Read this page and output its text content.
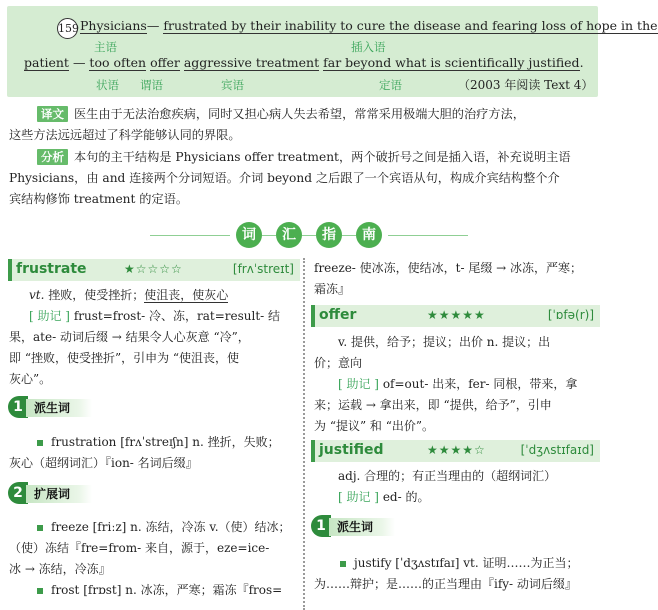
159 Physicians— frustrated by their inability to cure the disease and fearing loss of hope in the
主语	插入语
patient — too often offer aggressive treatment far beyond what is scientifically justified.
状语 谓语	宾语	定语	（2003 年阅读 Text 4）
译文 医生由于无法治愈疾病，同时又担心病人失去希望，常常采用极端大胆的治疗方法，
这些方法远远超过了科学能够认同的界限。
分析 本句的主干结构是 Physicians offer treatment，两个破折号之间是插入语，补充说明主语
Physicians，由 and 连接两个分词短语。介词 beyond 之后跟了一个宾语从句，构成介宾结构整个介
宾结构修饰 treatment 的定语。
词	汇	指	南
frustrate	★☆☆☆☆	[frʌˈstreɪt]
vt. 挫败，使受挫折；使沮丧，使灰心
[ 助记 ] frust=frost- 冷、冻，rat=result- 结
果，ate- 动词后缀 → 结果令人心灰意 “冷”，
即 “挫败，使受挫折”，引申为 “使沮丧，使
灰心”。
1 派生词
frustration [frʌˈstreɪʃn] n. 挫折，失败；
灰心（超纲词汇）『ion- 名词后缀』
2 扩展词
freeze [friːz] n. 冻结，冷冻 v.（使）结冰；
（使）冻结『fre=from- 来自，源于，eze=ice-
冰 → 冻结，冷冻』
frost [frɒst] n. 冰冻，严寒；霜冻『fros=
freeze- 使冰冻，使结冰，t- 尾缀 → 冰冻，严寒；
霜冻』
offer	★★★★★	[ˈɒfə(r)]
v. 提供，给予；提议；出价 n. 提议；出
价；意向
[ 助记 ] of=out- 出来，fer- 同根，带来，拿
来；运载 → 拿出来，即 “提供，给予”，引申
为 “提议” 和 “出价”。
justified	★★★★☆	[ˈdʒʌstɪfaɪd]
adj. 合理的；有正当理由的（超纲词汇）
[ 助记 ] ed- 的。
1 派生词
justify [ˈdʒʌstɪfaɪ] vt. 证明……为正当；
为……辩护；是……的正当理由『ify- 动词后缀』
